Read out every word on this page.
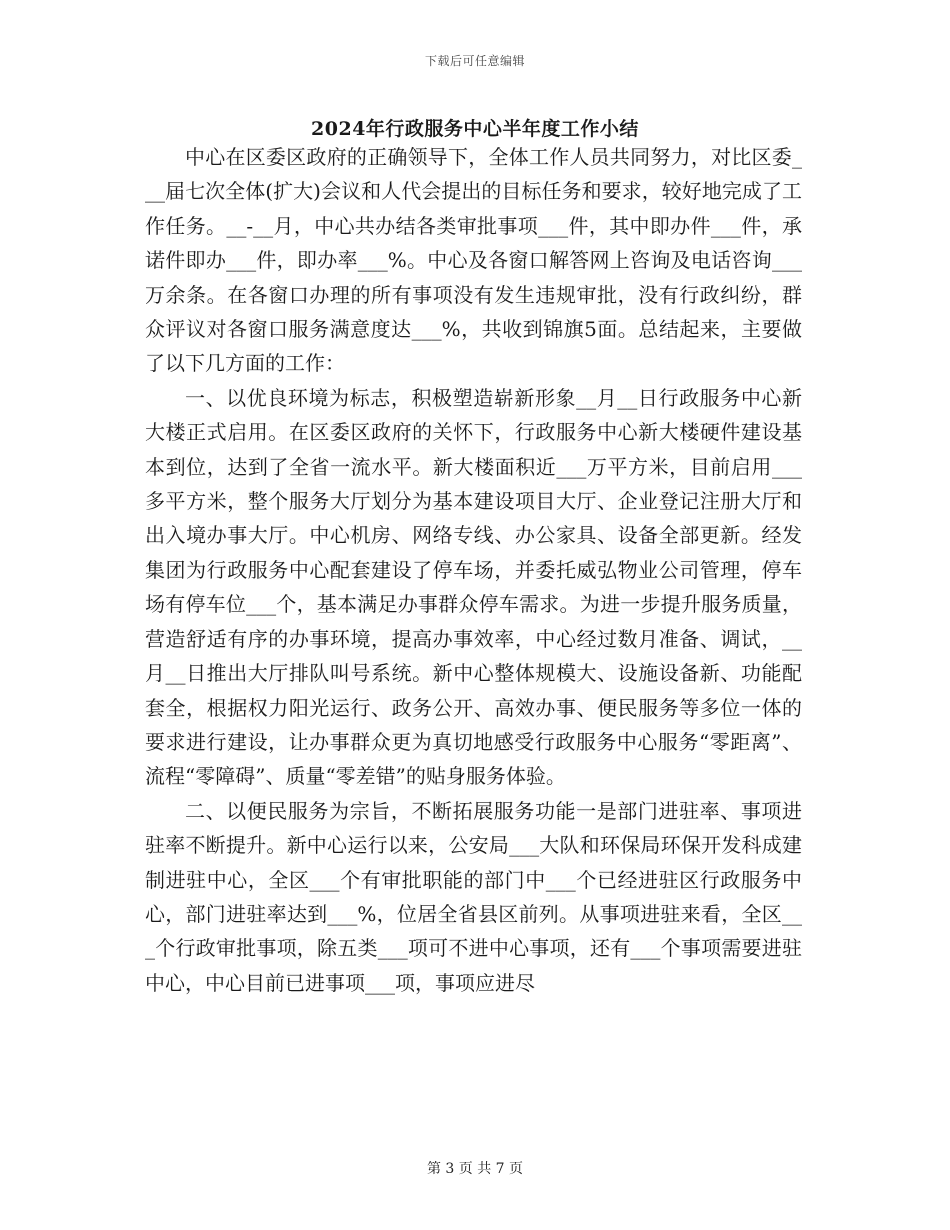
下载后可任意编辑
2024年行政服务中心半年度工作小结

中心在区委区政府的正确领导下，全体工作人员共同努力，对比区委___届七次全体(扩大)会议和人代会提出的目标任务和要求，较好地完成了工作任务。__-__月，中心共办结各类审批事项___件，其中即办件___件，承诺件即办___件，即办率___%。中心及各窗口解答网上咨询及电话咨询___万余条。在各窗口办理的所有事项没有发生违规审批，没有行政纠纷，群众评议对各窗口服务满意度达___%，共收到锦旗5面。总结起来，主要做了以下几方面的工作：

一、以优良环境为标志，积极塑造崭新形象__月__日行政服务中心新大楼正式启用。在区委区政府的关怀下，行政服务中心新大楼硬件建设基本到位，达到了全省一流水平。新大楼面积近___万平方米，目前启用___多平方米，整个服务大厅划分为基本建设项目大厅、企业登记注册大厅和出入境办事大厅。中心机房、网络专线、办公家具、设备全部更新。经发集团为行政服务中心配套建设了停车场，并委托威弘物业公司管理，停车场有停车位___个，基本满足办事群众停车需求。为进一步提升服务质量，营造舒适有序的办事环境，提高办事效率，中心经过数月准备、调试，__月__日推出大厅排队叫号系统。新中心整体规模大、设施设备新、功能配套全，根据权力阳光运行、政务公开、高效办事、便民服务等多位一体的要求进行建设，让办事群众更为真切地感受行政服务中心服务“零距离”、流程“零障碍”、质量“零差错”的贴身服务体验。

二、以便民服务为宗旨，不断拓展服务功能一是部门进驻率、事项进驻率不断提升。新中心运行以来，公安局___大队和环保局环保开发科成建制进驻中心，全区___个有审批职能的部门中___个已经进驻区行政服务中心，部门进驻率达到___%，位居全省县区前列。从事项进驻来看，全区___个行政审批事项，除五类___项可不进中心事项，还有___个事项需要进驻中心，中心目前已进事项___项，事项应进尽

第 3 页 共 7 页
